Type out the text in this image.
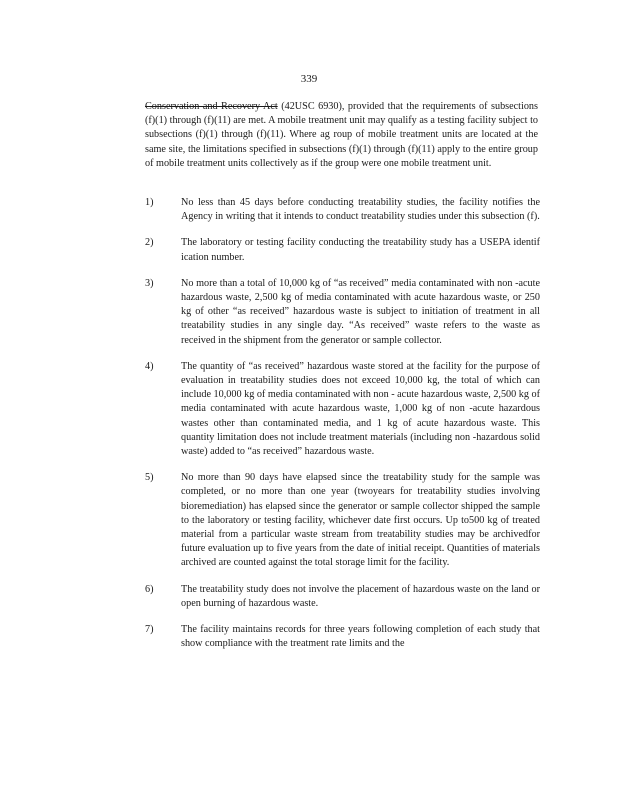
339

Conservation and Recovery Act (42USC 6930), provided that the requirements of subsections (f)(1) through (f)(11) are met. A mobile treatment unit may qualify as a testing facility subject to subsections (f)(1) through (f)(11). Where ag roup of mobile treatment units are located at the same site, the limitations specified in subsections (f)(1) through (f)(11) apply to the entire group of mobile treatment units collectively as if the group were one mobile treatment unit.

1)	No less than 45 days before conducting treatability studies, the facility notifies the Agency in writing that it intends to conduct treatability studies under this subsection (f).

2)	The laboratory or testing facility conducting the treatability study has a USEPA identif ication number.

3)	No more than a total of 10,000 kg of “as received” media contaminated with non -acute hazardous waste, 2,500 kg of media contaminated with acute hazardous waste, or 250 kg of other “as received” hazardous waste is subject to initiation of treatment in all treatability studies in any single day. “As received” waste refers to the waste as received in the shipment from the generator or sample collector.

4)	The quantity of “as received” hazardous waste stored at the facility for the purpose of evaluation in treatability studies does not exceed 10,000 kg, the total of which can include 10,000 kg of media contaminated with non - acute hazardous waste, 2,500 kg of media contaminated with acute hazardous waste, 1,000 kg of non -acute hazardous wastes other than contaminated media, and 1 kg of acute hazardous waste. This quantity limitation does not include treatment materials (including non -hazardous solid waste) added to “as received” hazardous waste.

5)	No more than 90 days have elapsed since the treatability study for the sample was completed, or no more than one year (twoyears for treatability studies involving bioremediation) has elapsed since the generator or sample collector shipped the sample to the laboratory or testing facility, whichever date first occurs. Up to500 kg of treated material from a particular waste stream from treatability studies may be archivedfor future evaluation up to five years from the date of initial receipt. Quantities of materials archived are counted against the total storage limit for the facility.

6)	The treatability study does not involve the placement of hazardous waste on the land or open burning of hazardous waste.

7)	The facility maintains records for three years following completion of each study that show compliance with the treatment rate limits and the
